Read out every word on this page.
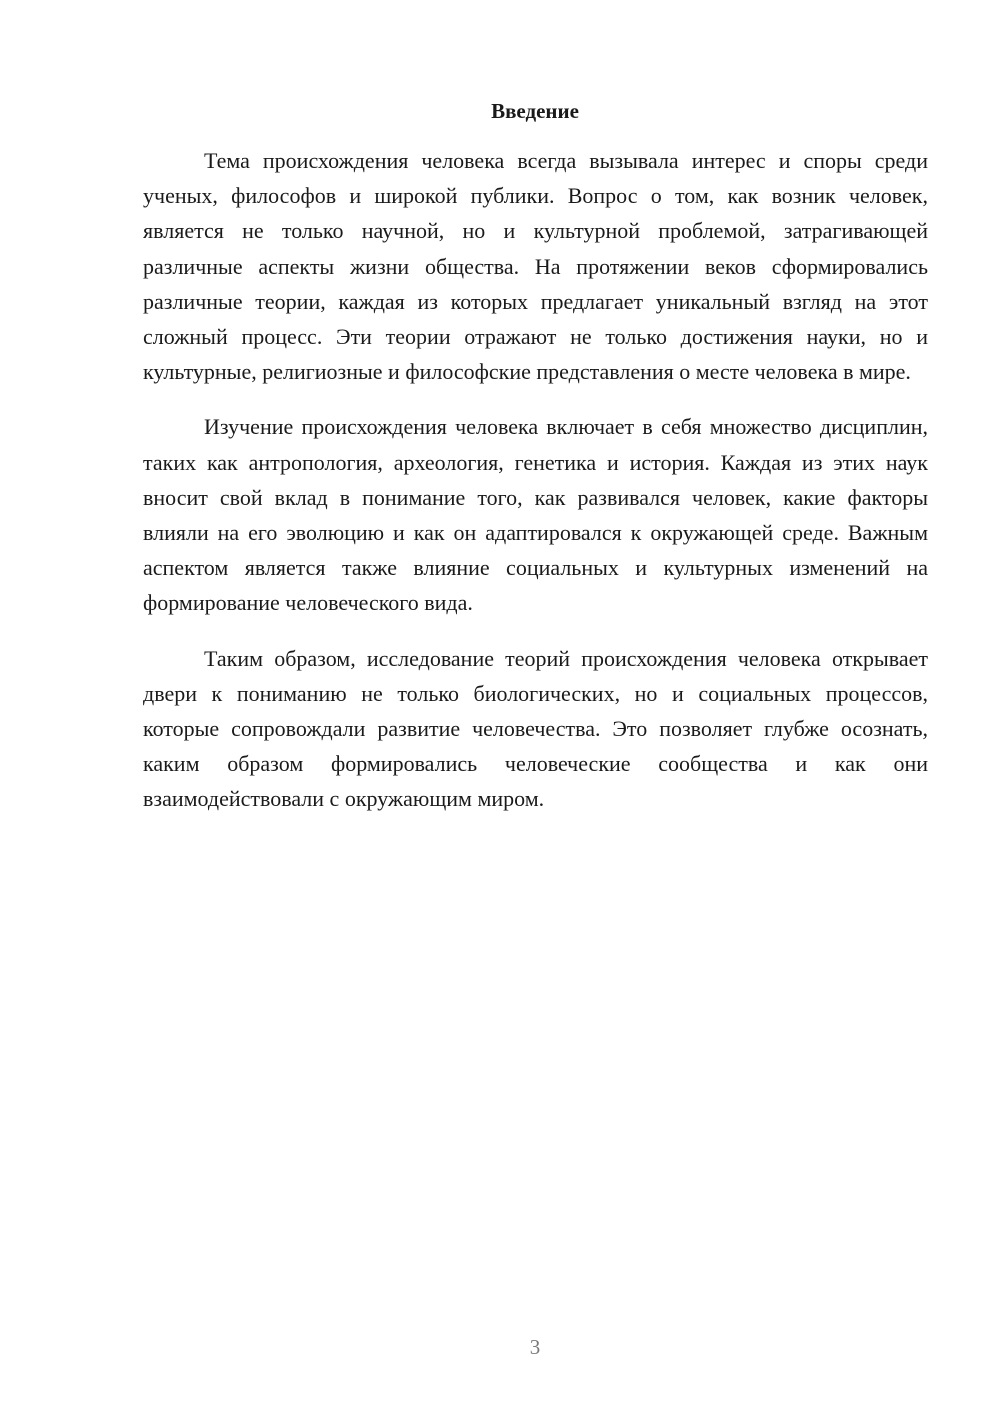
Введение

Тема происхождения человека всегда вызывала интерес и споры среди ученых, философов и широкой публики. Вопрос о том, как возник человек, является не только научной, но и культурной проблемой, затрагивающей различные аспекты жизни общества. На протяжении веков сформировались различные теории, каждая из которых предлагает уникальный взгляд на этот сложный процесс. Эти теории отражают не только достижения науки, но и культурные, религиозные и философские представления о месте человека в мире.

Изучение происхождения человека включает в себя множество дисциплин, таких как антропология, археология, генетика и история. Каждая из этих наук вносит свой вклад в понимание того, как развивался человек, какие факторы влияли на его эволюцию и как он адаптировался к окружающей среде. Важным аспектом является также влияние социальных и культурных изменений на формирование человеческого вида.

Таким образом, исследование теорий происхождения человека открывает двери к пониманию не только биологических, но и социальных процессов, которые сопровождали развитие человечества. Это позволяет глубже осознать, каким образом формировались человеческие сообщества и как они взаимодействовали с окружающим миром.

3
